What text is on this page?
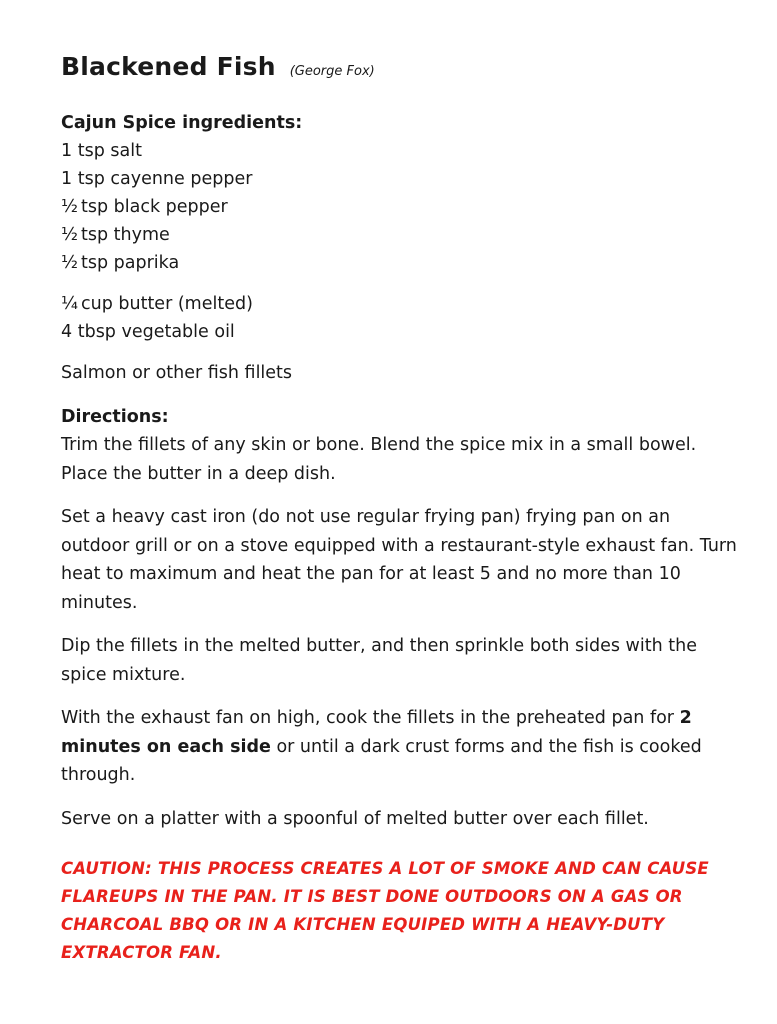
Blackened Fish (George Fox)

Cajun Spice ingredients:

1 tsp salt

1 tsp cayenne pepper

½ tsp black pepper

½ tsp thyme

½ tsp paprika

¼ cup butter (melted)

4 tbsp vegetable oil

Salmon or other fish fillets

Directions:

Trim the fillets of any skin or bone. Blend the spice mix in a small bowel. Place the butter in a deep dish.

Set a heavy cast iron (do not use regular frying pan) frying pan on an outdoor grill or on a stove equipped with a restaurant-style exhaust fan. Turn heat to maximum and heat the pan for at least 5 and no more than 10 minutes.

Dip the fillets in the melted butter, and then sprinkle both sides with the spice mixture.

With the exhaust fan on high, cook the fillets in the preheated pan for 2 minutes on each side or until a dark crust forms and the fish is cooked through.

Serve on a platter with a spoonful of melted butter over each fillet.

CAUTION: THIS PROCESS CREATES A LOT OF SMOKE AND CAN CAUSE FLAREUPS IN THE PAN. IT IS BEST DONE OUTDOORS ON A GAS OR CHARCOAL BBQ OR IN A KITCHEN EQUIPED WITH A HEAVY-DUTY EXTRACTOR FAN.
